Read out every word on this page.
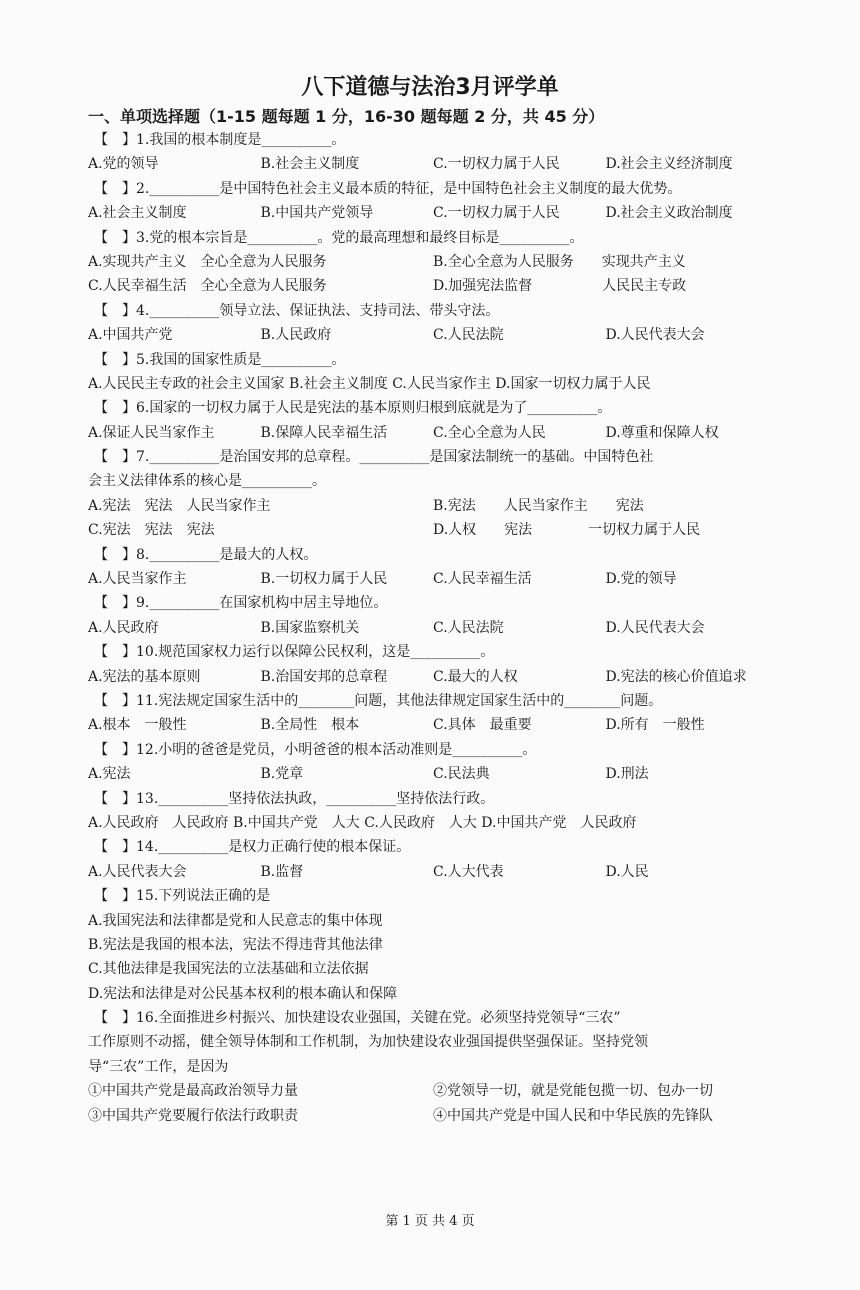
八下道德与法治3月评学单
一、单项选择题（1-15 题每题 1 分，16-30 题每题 2 分，共 45 分）
【　】1.我国的根本制度是__________。
A.党的领导	B.社会主义制度	C.一切权力属于人民	D.社会主义经济制度
【　】2.__________是中国特色社会主义最本质的特征，是中国特色社会主义制度的最大优势。
A.社会主义制度	B.中国共产党领导	C.一切权力属于人民	D.社会主义政治制度
【　】3.党的根本宗旨是__________。党的最高理想和最终目标是__________。
A.实现共产主义　全心全意为人民服务	B.全心全意为人民服务　　实现共产主义
C.人民幸福生活　全心全意为人民服务	D.加强宪法监督　　　　　人民民主专政
【　】4.__________领导立法、保证执法、支持司法、带头守法。
A.中国共产党	B.人民政府	C.人民法院	D.人民代表大会
【　】5.我国的国家性质是__________。
A.人民民主专政的社会主义国家 B.社会主义制度 C.人民当家作主 D.国家一切权力属于人民
【　】6.国家的一切权力属于人民是宪法的基本原则归根到底就是为了__________。
A.保证人民当家作主	B.保障人民幸福生活	C.全心全意为人民	D.尊重和保障人权
【　】7.__________是治国安邦的总章程。__________是国家法制统一的基础。中国特色社
会主义法律体系的核心是__________。
A.宪法　宪法　人民当家作主	B.宪法　　人民当家作主　　宪法
C.宪法　宪法　宪法	D.人权　　宪法　　　　一切权力属于人民
【　】8.__________是最大的人权。
A.人民当家作主	B.一切权力属于人民	C.人民幸福生活	D.党的领导
【　】9.__________在国家机构中居主导地位。
A.人民政府	B.国家监察机关	C.人民法院	D.人民代表大会
【　】10.规范国家权力运行以保障公民权利，这是__________。
A.宪法的基本原则	B.治国安邦的总章程	C.最大的人权	D.宪法的核心价值追求
【　】11.宪法规定国家生活中的________问题，其他法律规定国家生活中的________问题。
A.根本　一般性	B.全局性　根本	C.具体　最重要	D.所有　一般性
【　】12.小明的爸爸是党员，小明爸爸的根本活动准则是__________。
A.宪法	B.党章	C.民法典	D.刑法
【　】13.__________坚持依法执政，__________坚持依法行政。
A.人民政府　人民政府 B.中国共产党　人大 C.人民政府　人大 D.中国共产党　人民政府
【　】14.__________是权力正确行使的根本保证。
A.人民代表大会	B.监督	C.人大代表	D.人民
【　】15.下列说法正确的是
A.我国宪法和法律都是党和人民意志的集中体现
B.宪法是我国的根本法，宪法不得违背其他法律
C.其他法律是我国宪法的立法基础和立法依据
D.宪法和法律是对公民基本权利的根本确认和保障
【　】16.全面推进乡村振兴、加快建设农业强国，关键在党。必须坚持党领导“三农”
工作原则不动摇，健全领导体制和工作机制，为加快建设农业强国提供坚强保证。坚持党领
导“三农”工作，是因为
①中国共产党是最高政治领导力量	②党领导一切，就是党能包揽一切、包办一切
③中国共产党要履行依法行政职责	④中国共产党是中国人民和中华民族的先锋队
第 1 页 共 4 页
